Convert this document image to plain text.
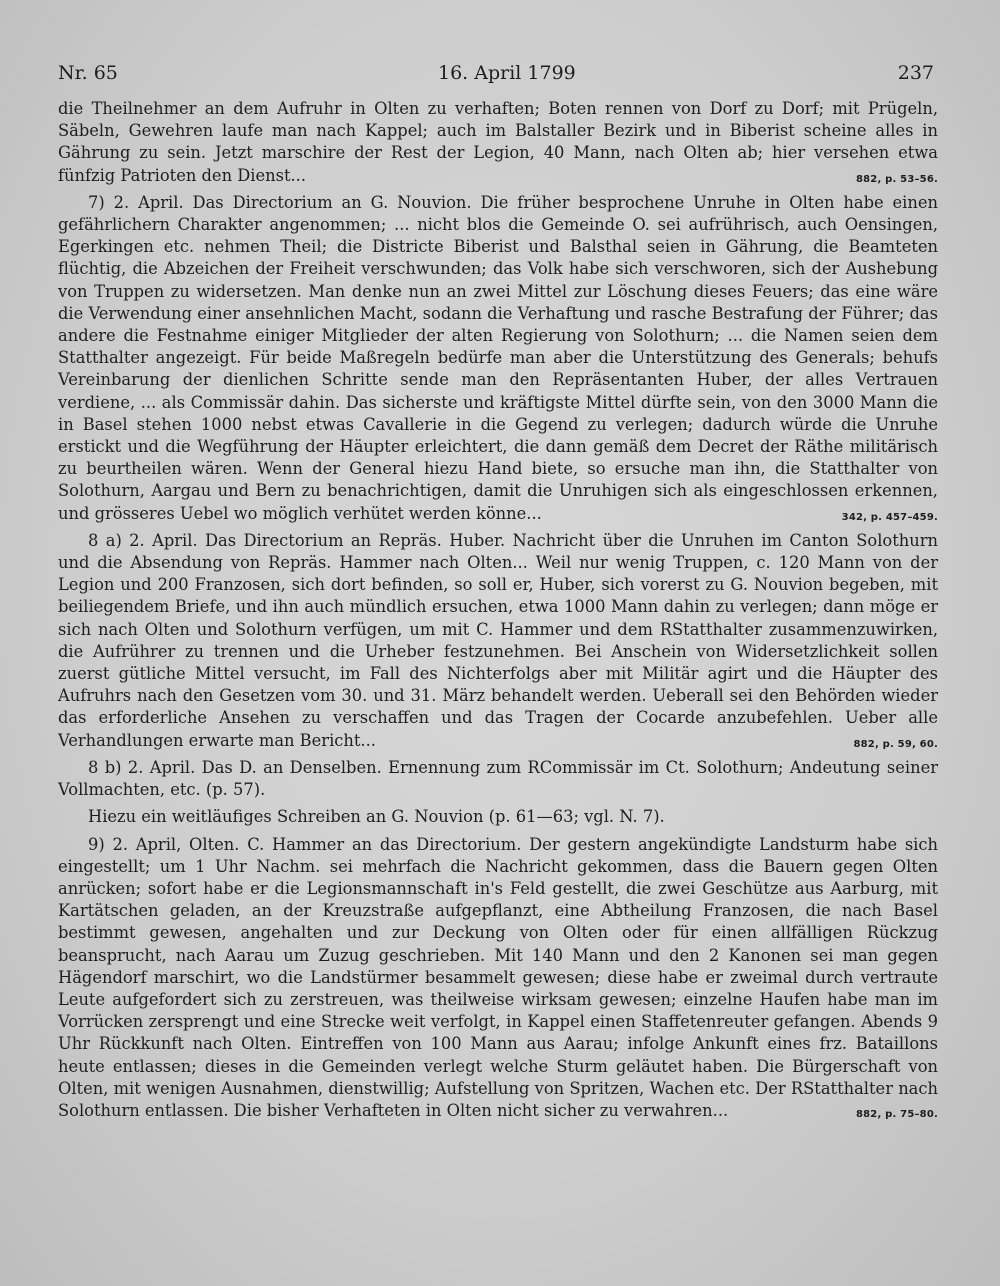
Nr. 65	16. April 1799	237

die Theilnehmer an dem Aufruhr in Olten zu verhaften; Boten rennen von Dorf zu Dorf; mit Prügeln, Säbeln, Gewehren laufe man nach Kappel; auch im Balstaller Bezirk und in Biberist scheine alles in Gährung zu sein. Jetzt marschire der Rest der Legion, 40 Mann, nach Olten ab; hier versehen etwa fünfzig Patrioten den Dienst...	882, p. 53–56.

7) 2. April. Das Directorium an G. Nouvion. Die früher besprochene Unruhe in Olten habe einen gefährlichern Charakter angenommen; ... nicht blos die Gemeinde O. sei aufrührisch, auch Oensingen, Egerkingen etc. nehmen Theil; die Districte Biberist und Balsthal seien in Gährung, die Beamteten flüchtig, die Abzeichen der Freiheit verschwunden; das Volk habe sich verschworen, sich der Aushebung von Truppen zu widersetzen. Man denke nun an zwei Mittel zur Löschung dieses Feuers; das eine wäre die Verwendung einer ansehnlichen Macht, sodann die Verhaftung und rasche Bestrafung der Führer; das andere die Festnahme einiger Mitglieder der alten Regierung von Solothurn; ... die Namen seien dem Statthalter angezeigt. Für beide Maßregeln bedürfe man aber die Unterstützung des Generals; behufs Vereinbarung der dienlichen Schritte sende man den Repräsentanten Huber, der alles Vertrauen verdiene, ... als Commissär dahin. Das sicherste und kräftigste Mittel dürfte sein, von den 3000 Mann die in Basel stehen 1000 nebst etwas Cavallerie in die Gegend zu verlegen; dadurch würde die Unruhe erstickt und die Wegführung der Häupter erleichtert, die dann gemäß dem Decret der Räthe militärisch zu beurtheilen wären. Wenn der General hiezu Hand biete, so ersuche man ihn, die Statthalter von Solothurn, Aargau und Bern zu benachrichtigen, damit die Unruhigen sich als eingeschlossen erkennen, und grösseres Uebel wo möglich verhütet werden könne...	342, p. 457–459.

8 a) 2. April. Das Directorium an Repräs. Huber. Nachricht über die Unruhen im Canton Solothurn und die Absendung von Repräs. Hammer nach Olten... Weil nur wenig Truppen, c. 120 Mann von der Legion und 200 Franzosen, sich dort befinden, so soll er, Huber, sich vorerst zu G. Nouvion begeben, mit beiliegendem Briefe, und ihn auch mündlich ersuchen, etwa 1000 Mann dahin zu verlegen; dann möge er sich nach Olten und Solothurn verfügen, um mit C. Hammer und dem RStatthalter zusammenzuwirken, die Aufrührer zu trennen und die Urheber festzunehmen. Bei Anschein von Widersetzlichkeit sollen zuerst gütliche Mittel versucht, im Fall des Nichterfolgs aber mit Militär agirt und die Häupter des Aufruhrs nach den Gesetzen vom 30. und 31. März behandelt werden. Ueberall sei den Behörden wieder das erforderliche Ansehen zu verschaffen und das Tragen der Cocarde anzubefehlen. Ueber alle Verhandlungen erwarte man Bericht...	882, p. 59, 60.

8 b) 2. April. Das D. an Denselben. Ernennung zum RCommissär im Ct. Solothurn; Andeutung seiner Vollmachten, etc. (p. 57).

Hiezu ein weitläufiges Schreiben an G. Nouvion (p. 61—63; vgl. N. 7).

9) 2. April, Olten. C. Hammer an das Directorium. Der gestern angekündigte Landsturm habe sich eingestellt; um 1 Uhr Nachm. sei mehrfach die Nachricht gekommen, dass die Bauern gegen Olten anrücken; sofort habe er die Legionsmannschaft in's Feld gestellt, die zwei Geschütze aus Aarburg, mit Kartätschen geladen, an der Kreuzstraße aufgepflanzt, eine Abtheilung Franzosen, die nach Basel bestimmt gewesen, angehalten und zur Deckung von Olten oder für einen allfälligen Rückzug beansprucht, nach Aarau um Zuzug geschrieben. Mit 140 Mann und den 2 Kanonen sei man gegen Hägendorf marschirt, wo die Landstürmer besammelt gewesen; diese habe er zweimal durch vertraute Leute aufgefordert sich zu zerstreuen, was theilweise wirksam gewesen; einzelne Haufen habe man im Vorrücken zersprengt und eine Strecke weit verfolgt, in Kappel einen Staffetenreuter gefangen. Abends 9 Uhr Rückkunft nach Olten. Eintreffen von 100 Mann aus Aarau; infolge Ankunft eines frz. Bataillons heute entlassen; dieses in die Gemeinden verlegt welche Sturm geläutet haben. Die Bürgerschaft von Olten, mit wenigen Ausnahmen, dienstwillig; Aufstellung von Spritzen, Wachen etc. Der RStatthalter nach Solothurn entlassen. Die bisher Verhafteten in Olten nicht sicher zu verwahren...	882, p. 75–80.
